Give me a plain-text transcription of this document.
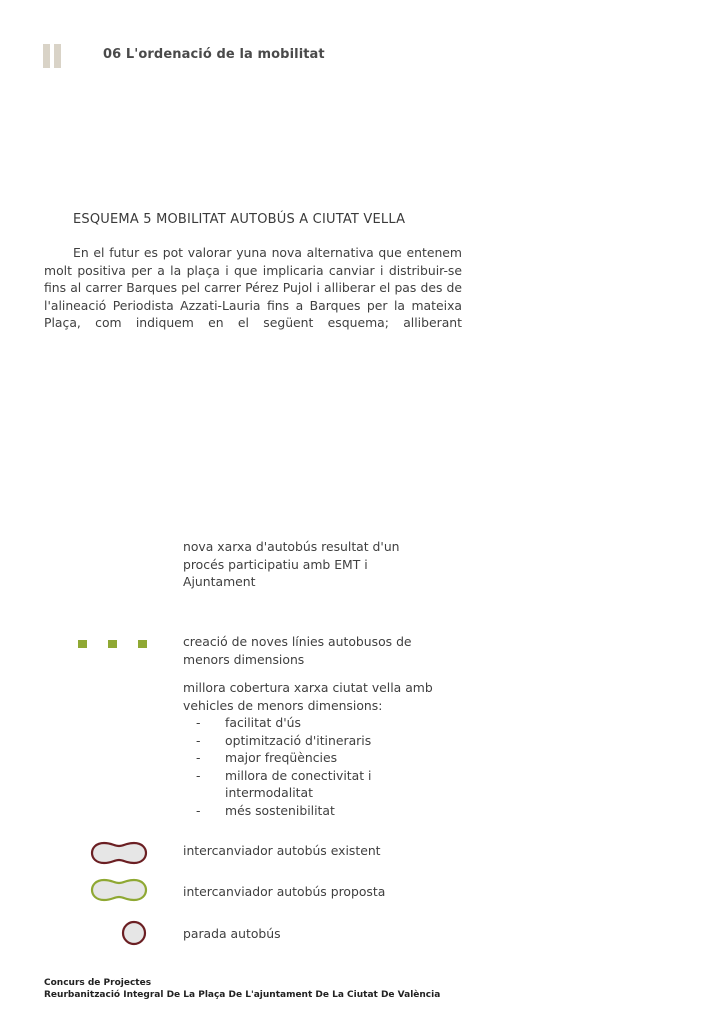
06 L'ordenació de la mobilitat
ESQUEMA 5 MOBILITAT AUTOBÚS A CIUTAT VELLA

En el futur es pot valorar yuna nova alternativa que entenem molt positiva per a la plaça i que implicaria canviar i distribuir-se fins al carrer Barques pel carrer Pérez Pujol i alliberar el pas des de l'alineació Periodista Azzati-Lauria fins a Barques per la mateixa Plaça, com indiquem en el següent esquema; alliberant

nova xarxa d'autobús resultat d'un procés participatiu amb EMT i Ajuntament
creació de noves línies autobusos de menors dimensions
millora cobertura xarxa ciutat vella amb vehicles de menors dimensions:
- facilitat d'ús
- optimització d'itineraris
- major freqüències
- millora de conectivitat i intermodalitat
- més sostenibilitat
intercanviador autobús existent
intercanviador autobús proposta
parada autobús
Concurs de Projectes
Reurbanització Integral De La Plaça De L'ajuntament De La Ciutat De València
